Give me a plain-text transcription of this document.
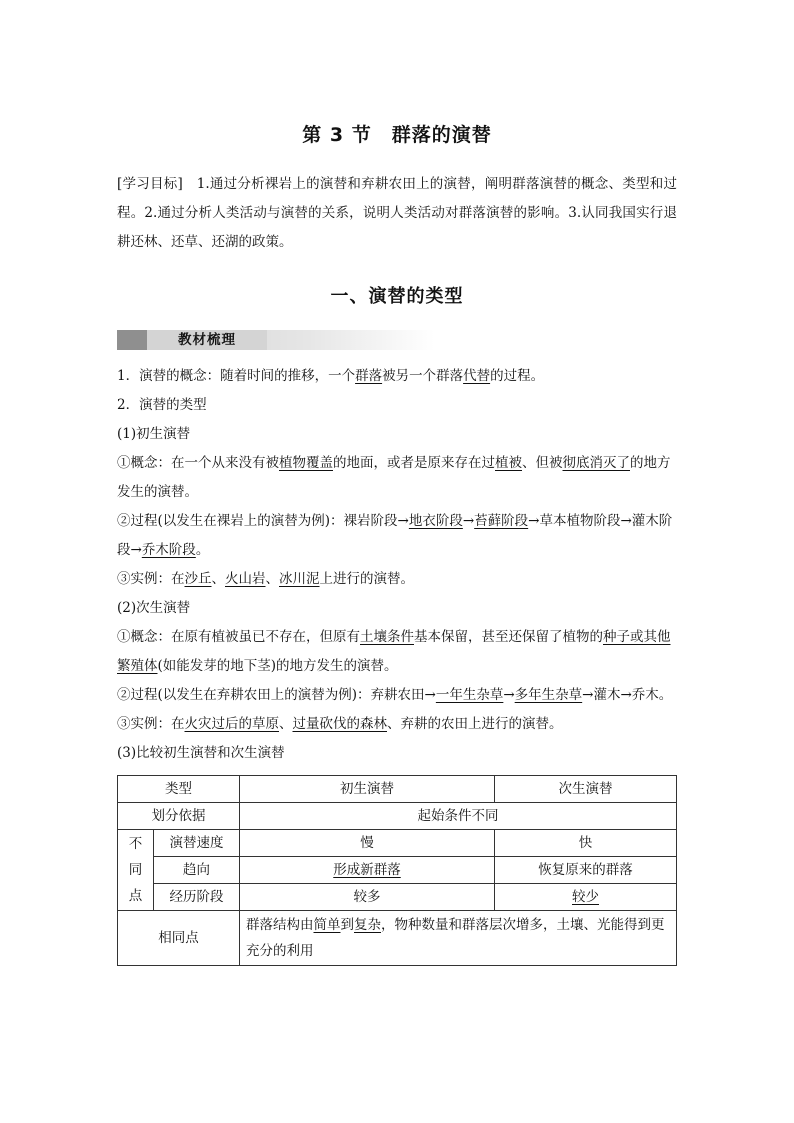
第 3 节　群落的演替
[学习目标]　1.通过分析裸岩上的演替和弃耕农田上的演替，阐明群落演替的概念、类型和过程。2.通过分析人类活动与演替的关系，说明人类活动对群落演替的影响。3.认同我国实行退耕还林、还草、还湖的政策。
一、演替的类型
教材梳理

1．演替的概念：随着时间的推移，一个群落被另一个群落代替的过程。

2．演替的类型

(1)初生演替

①概念：在一个从来没有被植物覆盖的地面，或者是原来存在过植被、但被彻底消灭了的地方发生的演替。

②过程(以发生在裸岩上的演替为例)：裸岩阶段→地衣阶段→苔藓阶段→草本植物阶段→灌木阶段→乔木阶段。

③实例：在沙丘、火山岩、冰川泥上进行的演替。

(2)次生演替

①概念：在原有植被虽已不存在，但原有土壤条件基本保留，甚至还保留了植物的种子或其他繁殖体(如能发芽的地下茎)的地方发生的演替。

②过程(以发生在弃耕农田上的演替为例)：弃耕农田→一年生杂草→多年生杂草→灌木→乔木。

③实例：在火灾过后的草原、过量砍伐的森林、弃耕的农田上进行的演替。

(3)比较初生演替和次生演替

类型		初生演替	次生演替
划分依据		起始条件不同	
不同点	演替速度	慢	快
	趋向	形成新群落	恢复原来的群落
	经历阶段	较多	较少
相同点		群落结构由简单到复杂，物种数量和群落层次增多，土壤、光能得到更充分的利用	
